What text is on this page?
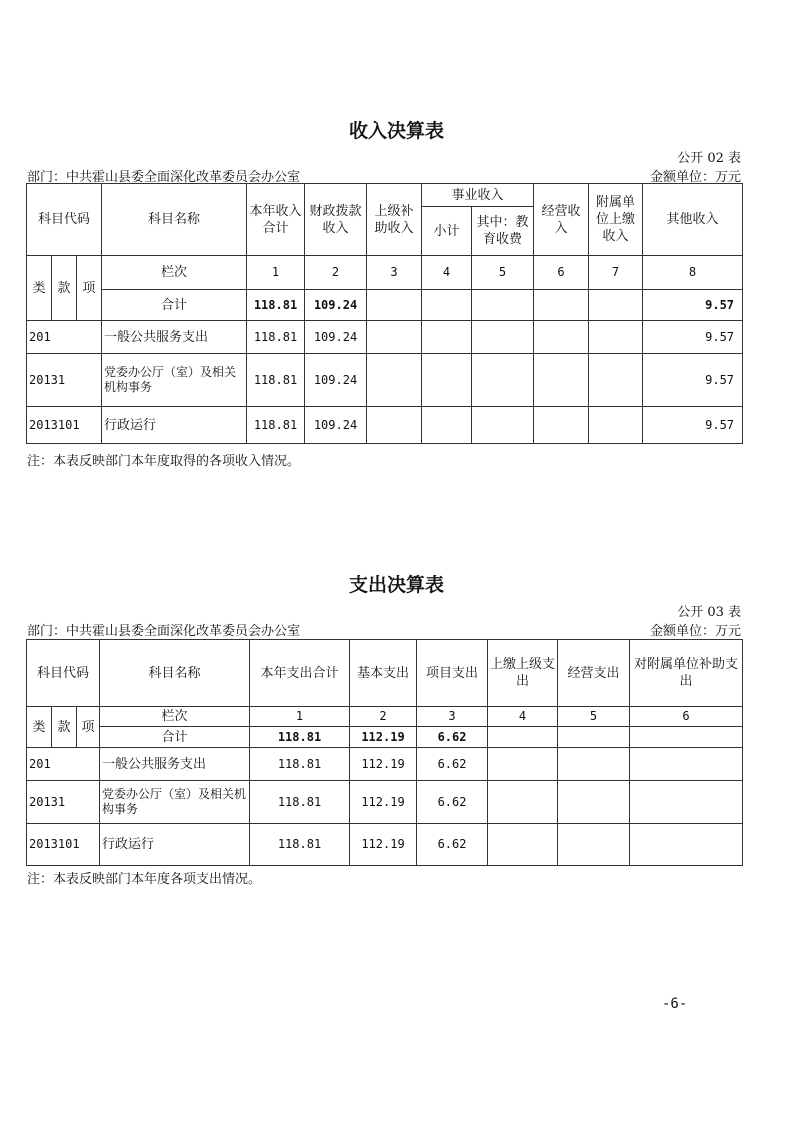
收入决算表
公开 02 表
部门：中共霍山县委全面深化改革委员会办公室	金额单位：万元
科目代码			科目名称	本年收入合计	财政拨款收入	上级补助收入	事业收入		经营收入	附属单位上缴收入	其他收入
							小计	其中：教育收费			
类	款	项	栏次	1	2	3	4	5	6	7	8
			合计	118.81	109.24						9.57
201			一般公共服务支出	118.81	109.24						9.57
20131			党委办公厅（室）及相关机构事务	118.81	109.24						9.57
2013101			行政运行	118.81	109.24						9.57
注：本表反映部门本年度取得的各项收入情况。
支出决算表
公开 03 表
部门：中共霍山县委全面深化改革委员会办公室	金额单位：万元
科目代码			科目名称	本年支出合计	基本支出	项目支出	上缴上级支出	经营支出	对附属单位补助支出
类	款	项	栏次	1	2	3	4	5	6
			合计	118.81	112.19	6.62			
201			一般公共服务支出	118.81	112.19	6.62			
20131			党委办公厅（室）及相关机构事务	118.81	112.19	6.62			
2013101			行政运行	118.81	112.19	6.62			
注：本表反映部门本年度各项支出情况。
-6-
